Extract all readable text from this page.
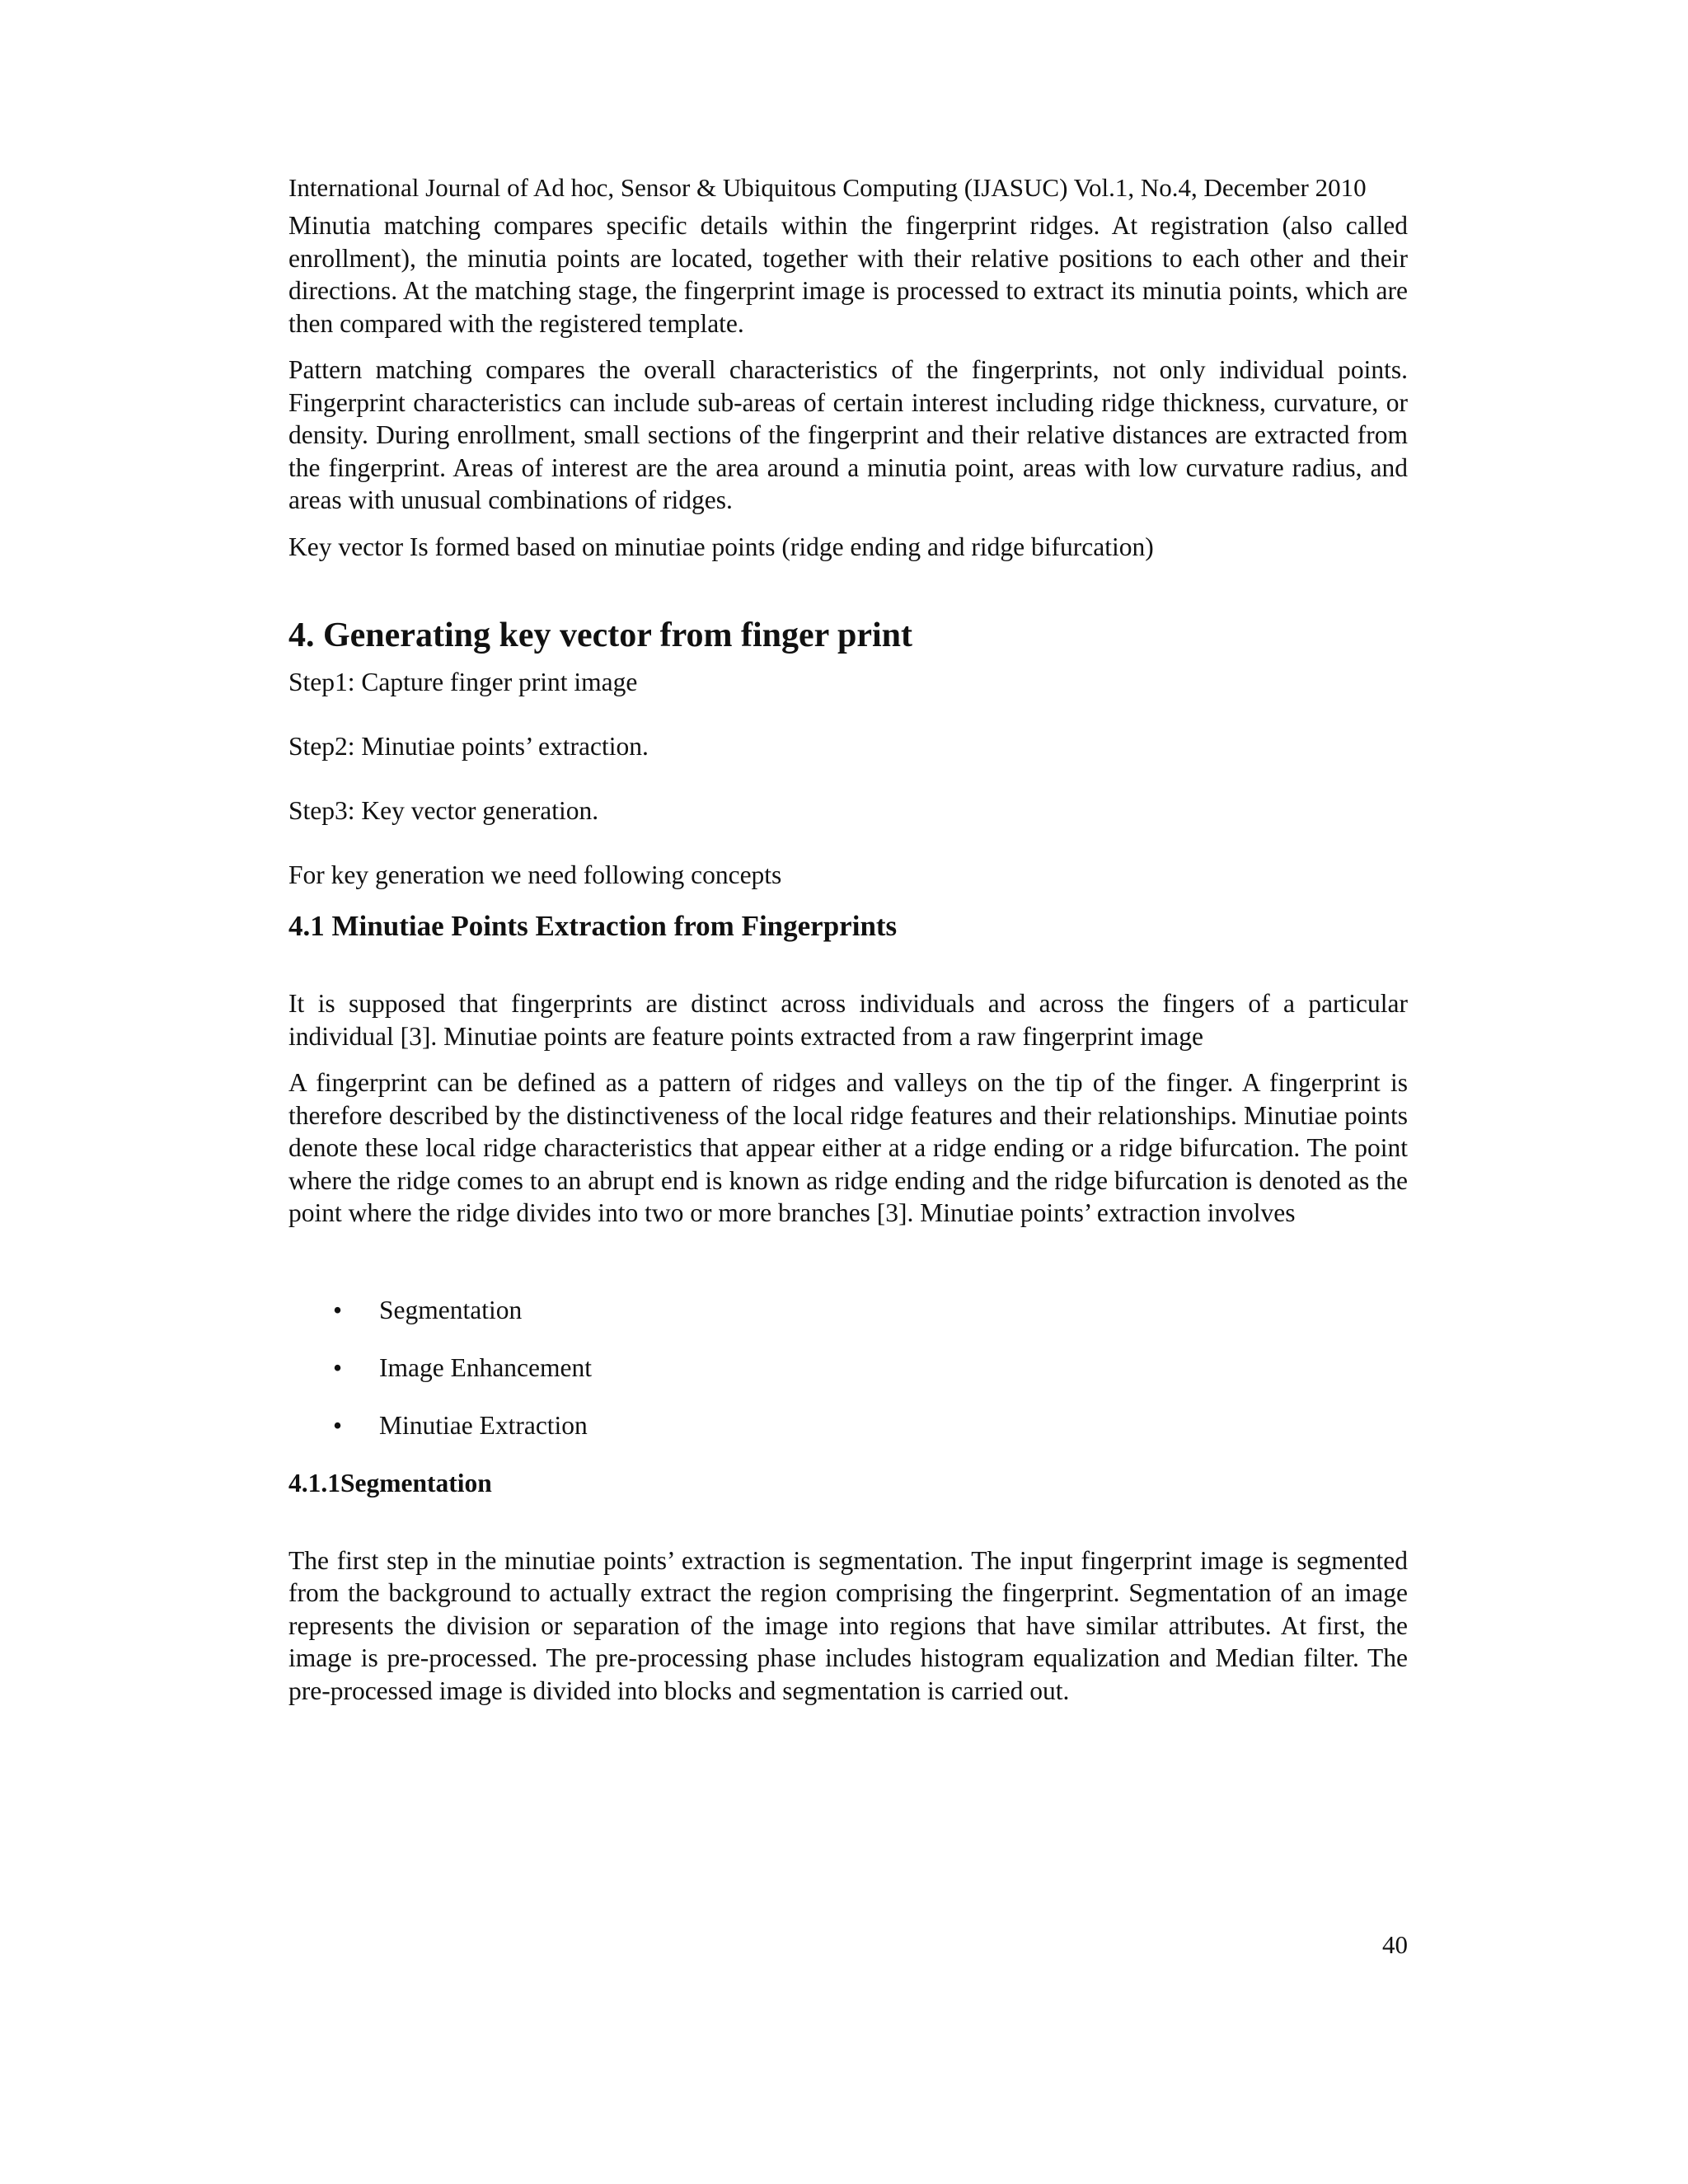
International Journal of Ad hoc, Sensor & Ubiquitous Computing (IJASUC) Vol.1, No.4, December 2010

Minutia matching compares specific details within the fingerprint ridges. At registration (also called enrollment), the minutia points are located, together with their relative positions to each other and their directions. At the matching stage, the fingerprint image is processed to extract its minutia points, which are then compared with the registered template.

Pattern matching compares the overall characteristics of the fingerprints, not only individual points. Fingerprint characteristics can include sub-areas of certain interest including ridge thickness, curvature, or density. During enrollment, small sections of the fingerprint and their relative distances are extracted from the fingerprint. Areas of interest are the area around a minutia point, areas with low curvature radius, and areas with unusual combinations of ridges.

Key vector Is formed based on minutiae points (ridge ending and ridge bifurcation)

4. Generating key vector from finger print

Step1: Capture finger print image

Step2: Minutiae points’ extraction.

Step3: Key vector generation.

For key generation we need following concepts

4.1 Minutiae Points Extraction from Fingerprints

It is supposed that fingerprints are distinct across individuals and across the fingers of a particular individual [3]. Minutiae points are feature points extracted from a raw fingerprint image

A fingerprint can be defined as a pattern of ridges and valleys on the tip of the finger. A fingerprint is therefore described by the distinctiveness of the local ridge features and their relationships. Minutiae points denote these local ridge characteristics that appear either at a ridge ending or a ridge bifurcation. The point where the ridge comes to an abrupt end is known as ridge ending and the ridge bifurcation is denoted as the point where the ridge divides into two or more branches [3]. Minutiae points’ extraction involves

• Segmentation
• Image Enhancement
• Minutiae Extraction
4.1.1Segmentation

The first step in the minutiae points’ extraction is segmentation. The input fingerprint image is segmented from the background to actually extract the region comprising the fingerprint. Segmentation of an image represents the division or separation of the image into regions that have similar attributes. At first, the image is pre-processed. The pre-processing phase includes histogram equalization and Median filter. The pre-processed image is divided into blocks and segmentation is carried out.

40
